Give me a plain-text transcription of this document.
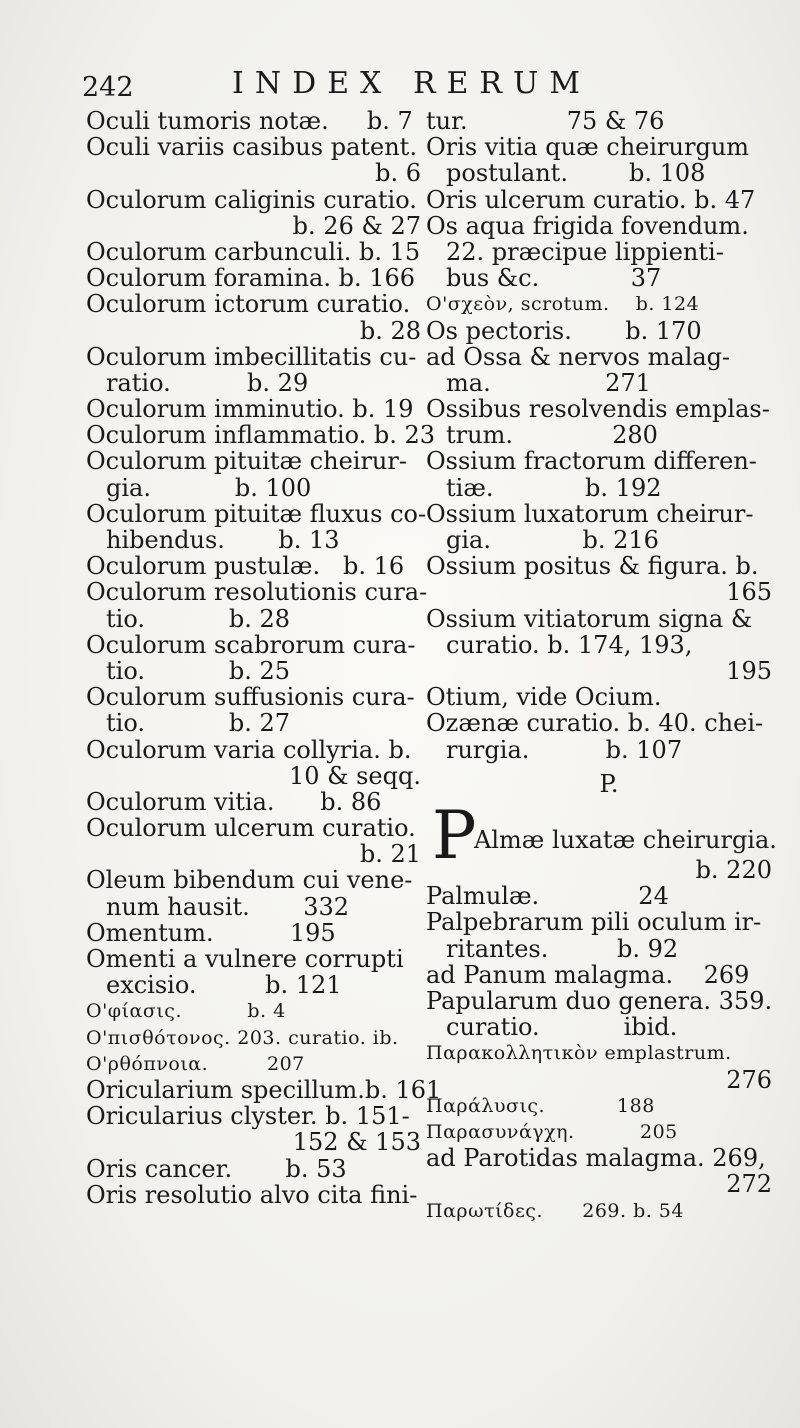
242	INDEX RERUM
Oculi tumoris notæ.     b. 7
Oculi variis casibus patent.
b. 6
Oculorum caliginis curatio.
b. 26 & 27
Oculorum carbunculi. b. 15
Oculorum foramina. b. 166
Oculorum ictorum curatio.
b. 28
Oculorum imbecillitatis cu-
ratio.          b. 29
Oculorum imminutio. b. 19
Oculorum inflammatio. b. 23
Oculorum pituitæ cheirur-
gia.           b. 100
Oculorum pituitæ fluxus co-
hibendus.       b. 13
Oculorum pustulæ.   b. 16
Oculorum resolutionis cura-
tio.           b. 28
Oculorum scabrorum cura-
tio.           b. 25
Oculorum suffusionis cura-
tio.           b. 27
Oculorum varia collyria. b.
10 & seqq.
Oculorum vitia.      b. 86
Oculorum ulcerum curatio.
b. 21
Oleum bibendum cui vene-
num hausit.       332
Omentum.          195
Omenti a vulnere corrupti
excisio.         b. 121
O'φίασις.          b. 4
O'πισθότονος. 203. curatio. ib.
O'ρθόπνοια.         207
Oricularium specillum.b. 161
Oricularius clyster. b. 151-
152 & 153
Oris cancer.       b. 53
Oris resolutio alvo cita fini-
tur.             75 & 76
Oris vitia quæ cheirurgum
postulant.        b. 108
Oris ulcerum curatio. b. 47
Os aqua frigida fovendum.
22. præcipue lippienti-
bus &c.            37
O'σχεὸν, scrotum.    b. 124
Os pectoris.       b. 170
ad Ossa & nervos malag-
ma.               271
Ossibus resolvendis emplas-
trum.             280
Ossium fractorum differen-
tiæ.            b. 192
Ossium luxatorum cheirur-
gia.            b. 216
Ossium positus & figura. b.
165
Ossium vitiatorum signa &
curatio. b. 174, 193,
195
Otium, vide Ocium.
Ozænæ curatio. b. 40. chei-
rurgia.          b. 107
P.
P
Almæ luxatæ cheirurgia.
b. 220
Palmulæ.             24
Palpebrarum pili oculum ir-
ritantes.         b. 92
ad Panum malagma.    269
Papularum duo genera. 359.
curatio.           ibid.
Παρακολλητικὸν emplastrum.
276
Παράλυσις.           188
Παρασυνάγχη.          205
ad Parotidas malagma. 269,
272
Παρωτίδες.      269. b. 54
